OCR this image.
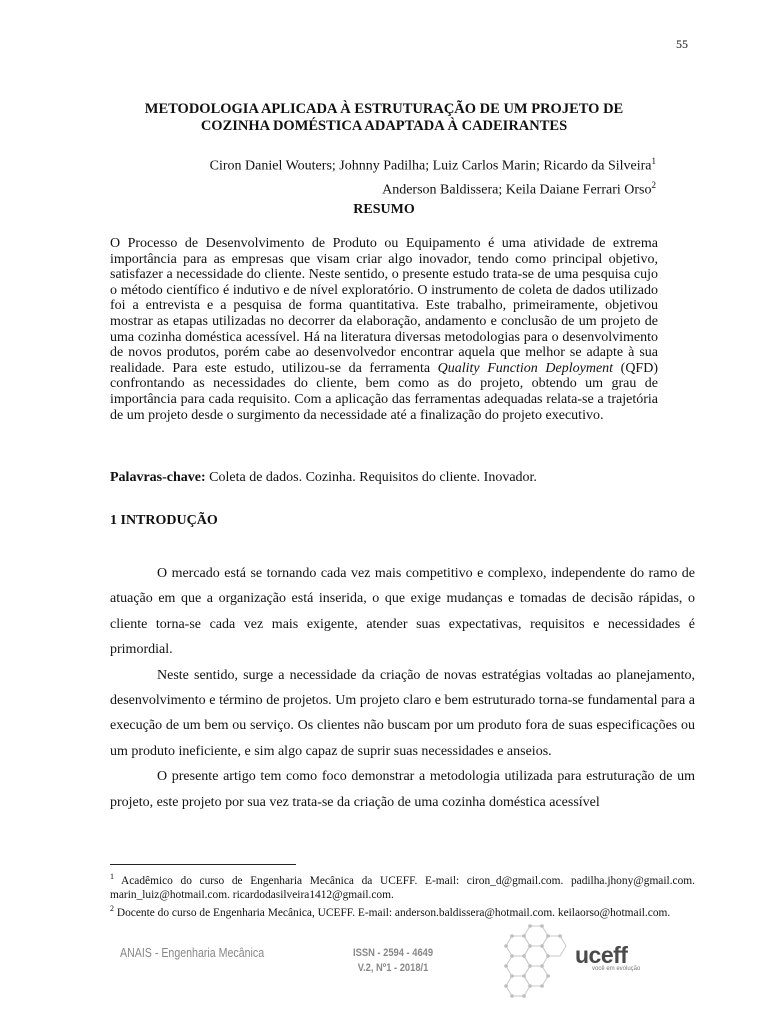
55
METODOLOGIA APLICADA À ESTRUTURAÇÃO DE UM PROJETO DE
COZINHA DOMÉSTICA ADAPTADA À CADEIRANTES
Ciron Daniel Wouters; Johnny Padilha; Luiz Carlos Marin; Ricardo da Silveira$^1$
Anderson Baldissera; Keila Daiane Ferrari Orso$^2$
RESUMO
O Processo de Desenvolvimento de Produto ou Equipamento é uma atividade de extrema importância para as empresas que visam criar algo inovador, tendo como principal objetivo, satisfazer a necessidade do cliente. Neste sentido, o presente estudo trata-se de uma pesquisa cujo o método científico é indutivo e de nível exploratório. O instrumento de coleta de dados utilizado foi a entrevista e a pesquisa de forma quantitativa. Este trabalho, primeiramente, objetivou mostrar as etapas utilizadas no decorrer da elaboração, andamento e conclusão de um projeto de uma cozinha doméstica acessível. Há na literatura diversas metodologias para o desenvolvimento de novos produtos, porém cabe ao desenvolvedor encontrar aquela que melhor se adapte à sua realidade. Para este estudo, utilizou-se da ferramenta Quality Function Deployment (QFD) confrontando as necessidades do cliente, bem como as do projeto, obtendo um grau de importância para cada requisito. Com a aplicação das ferramentas adequadas relata-se a trajetória de um projeto desde o surgimento da necessidade até a finalização do projeto executivo.
Palavras-chave: Coleta de dados. Cozinha. Requisitos do cliente. Inovador.
1 INTRODUÇÃO

O mercado está se tornando cada vez mais competitivo e complexo, independente do ramo de atuação em que a organização está inserida, o que exige mudanças e tomadas de decisão rápidas, o cliente torna-se cada vez mais exigente, atender suas expectativas, requisitos e necessidades é primordial.

Neste sentido, surge a necessidade da criação de novas estratégias voltadas ao planejamento, desenvolvimento e término de projetos. Um projeto claro e bem estruturado torna-se fundamental para a execução de um bem ou serviço. Os clientes não buscam por um produto fora de suas especificações ou um produto ineficiente, e sim algo capaz de suprir suas necessidades e anseios.

O presente artigo tem como foco demonstrar a metodologia utilizada para estruturação de um projeto, este projeto por sua vez trata-se da criação de uma cozinha doméstica acessível

$^1$ Acadêmico do curso de Engenharia Mecânica da UCEFF. E-mail: ciron_d@gmail.com. padilha.jhony@gmail.com. marin_luiz@hotmail.com. ricardodasilveira1412@gmail.com.

$^2$ Docente do curso de Engenharia Mecânica, UCEFF. E-mail: anderson.baldissera@hotmail.com. keilaorso@hotmail.com.

ANAIS - Engenharia Mecânica	ISSN - 2594 - 4649
V.2, Nº1 - 2018/1	uceff
você em evolução
